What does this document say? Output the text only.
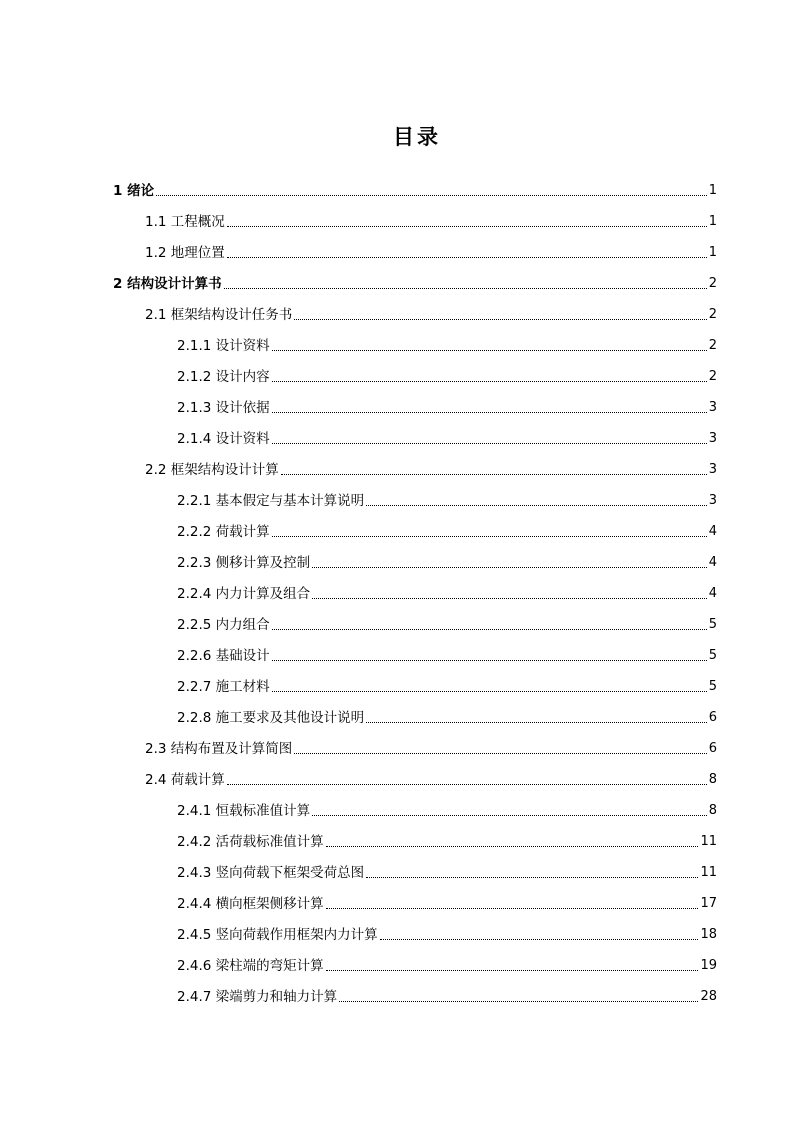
目录
1 绪论	1
1.1 工程概况	1
1.2 地理位置	1
2 结构设计计算书	2
2.1 框架结构设计任务书	2
2.1.1 设计资料	2
2.1.2 设计内容	2
2.1.3 设计依据	3
2.1.4 设计资料	3
2.2 框架结构设计计算	3
2.2.1 基本假定与基本计算说明	3
2.2.2 荷载计算	4
2.2.3 侧移计算及控制	4
2.2.4 内力计算及组合	4
2.2.5 内力组合	5
2.2.6 基础设计	5
2.2.7 施工材料	5
2.2.8 施工要求及其他设计说明	6
2.3 结构布置及计算简图	6
2.4 荷载计算	8
2.4.1 恒载标准值计算	8
2.4.2 活荷载标准值计算	11
2.4.3 竖向荷载下框架受荷总图	11
2.4.4 横向框架侧移计算	17
2.4.5 竖向荷载作用框架内力计算	18
2.4.6 梁柱端的弯矩计算	19
2.4.7 梁端剪力和轴力计算	28
